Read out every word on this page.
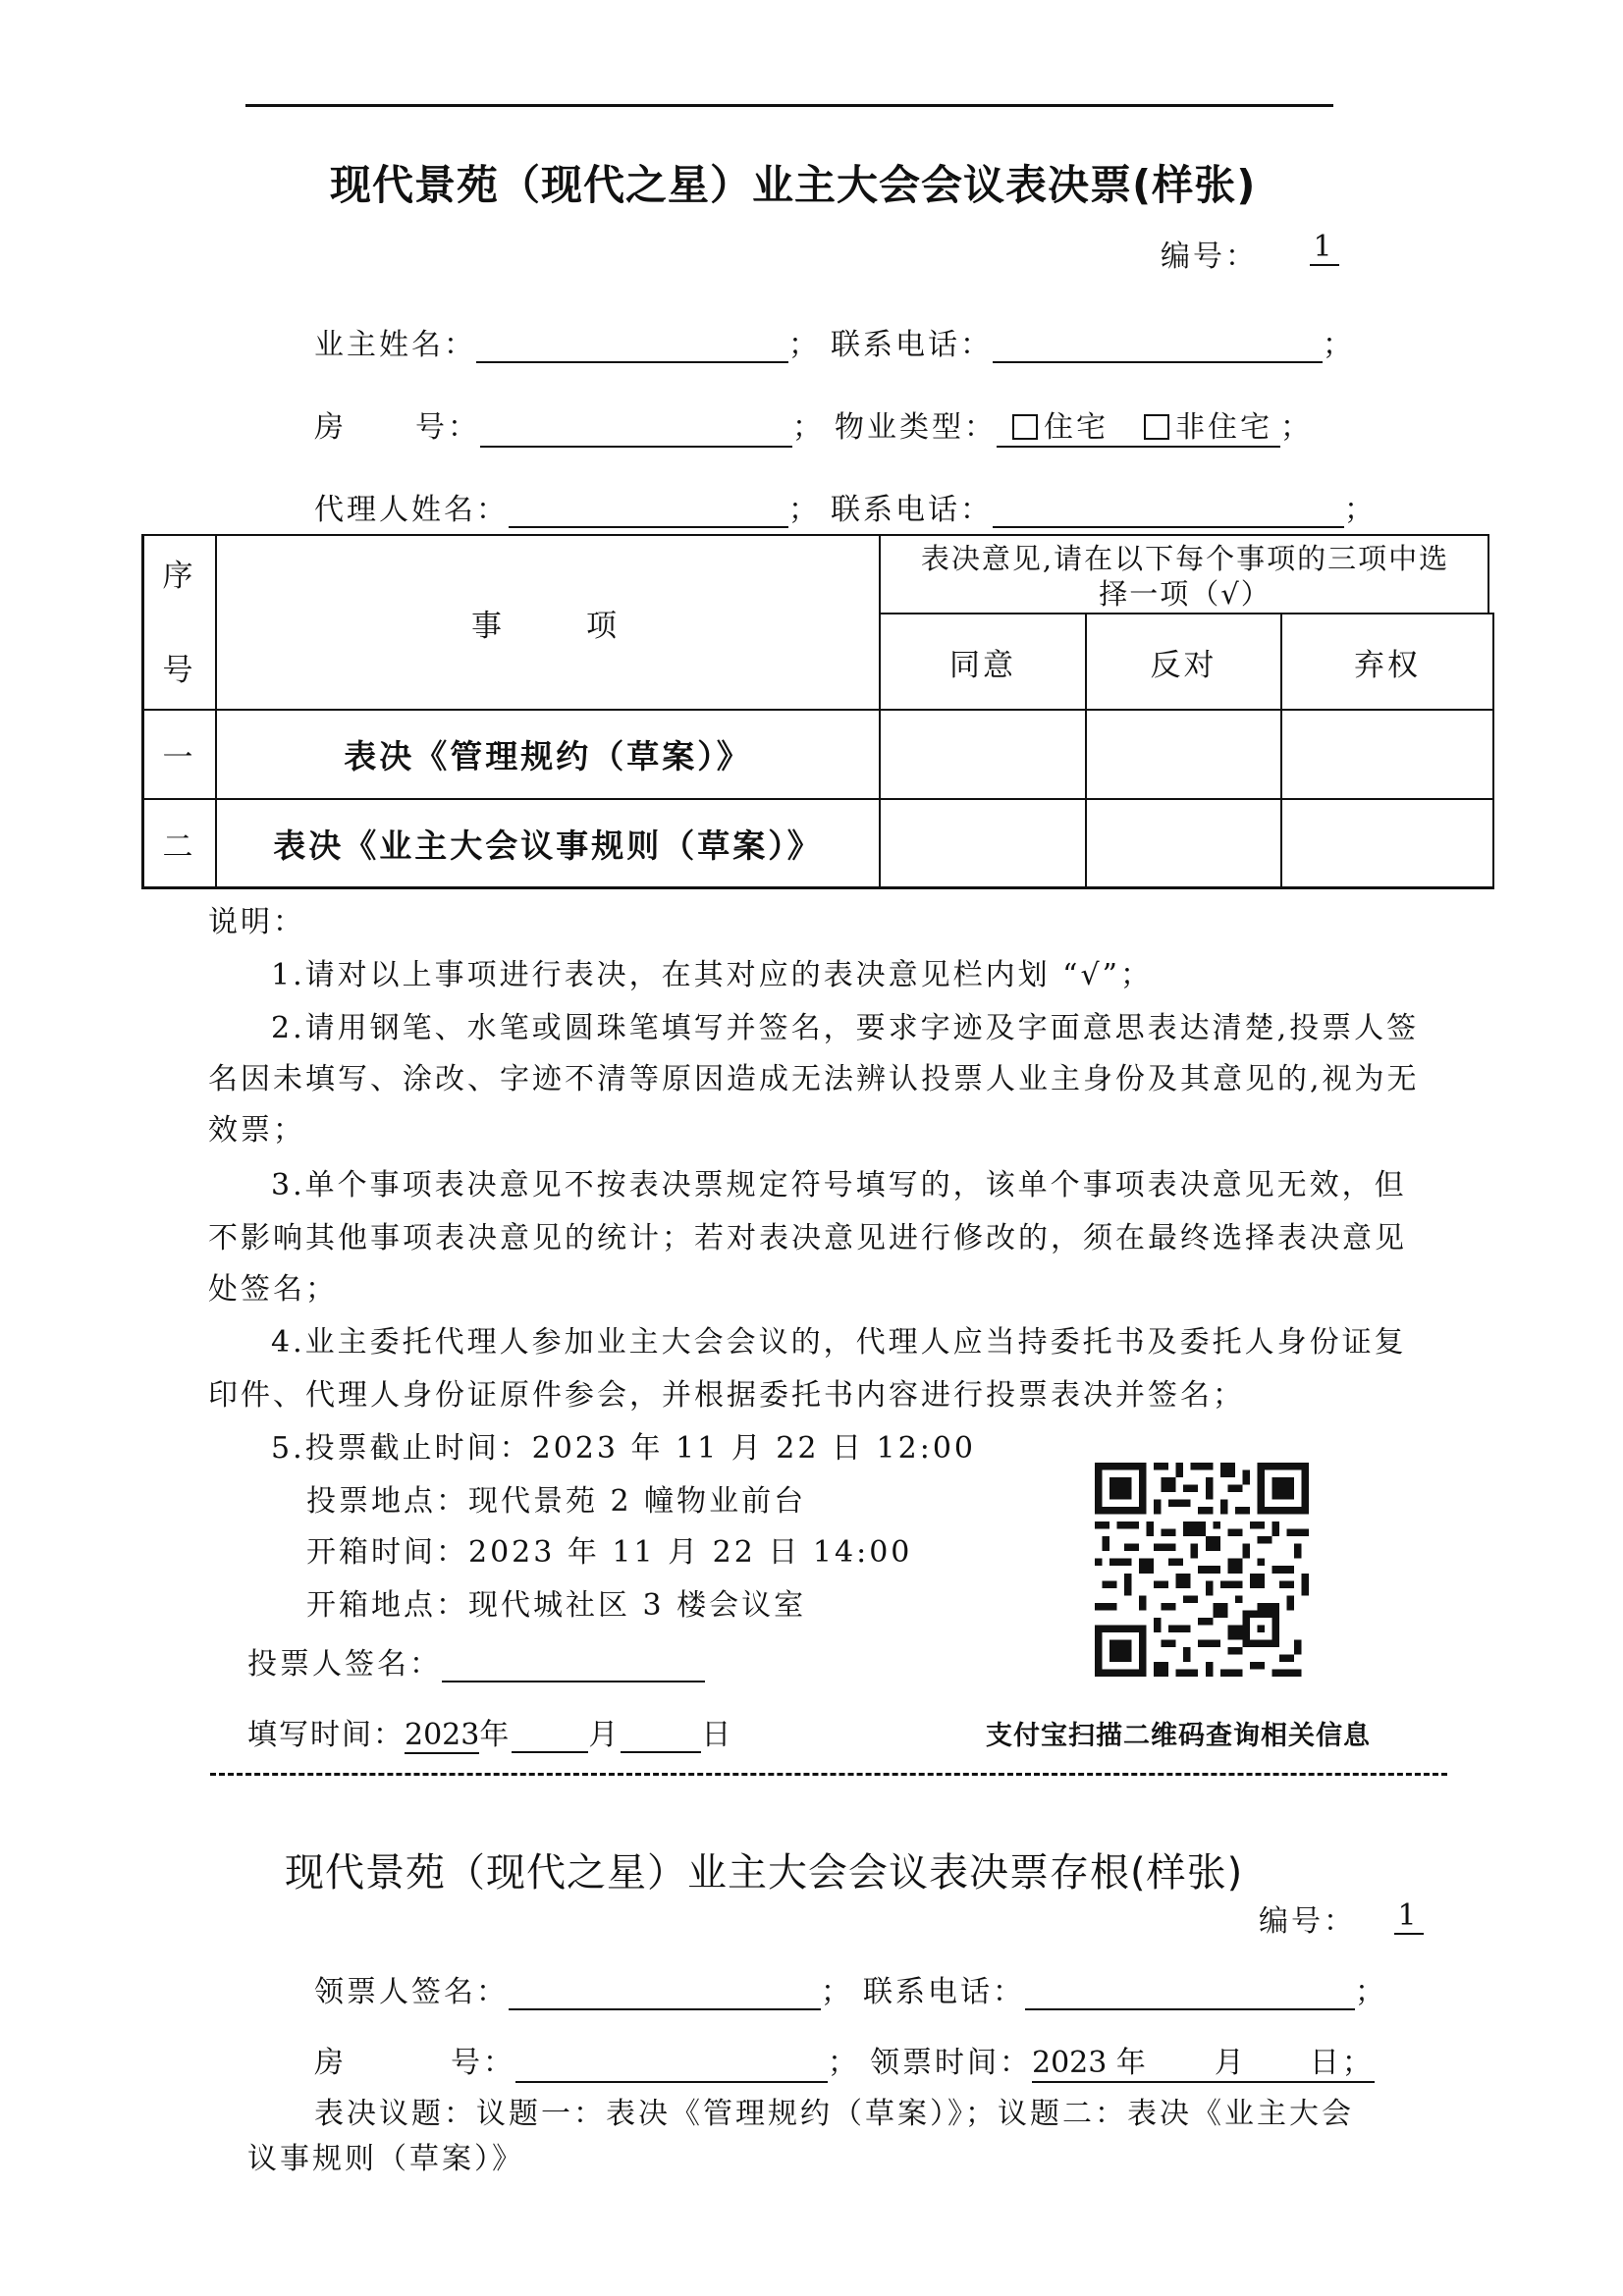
现代景苑（现代之星）业主大会会议表决票(样张)
编号： 1
业主姓名：	； 联系电话：	；
房 号：	； 物业类型： 住宅 非住宅 ；
代理人姓名：	； 联系电话：	；
序
号
事　　项
表决意见,请在以下每个事项的三项中选
择一项（√）
同意	反对	弃权
一	表决《管理规约（草案）》
二	表决《业主大会议事规则（草案）》
说明：
1.请对以上事项进行表决，在其对应的表决意见栏内划 “√”；
2.请用钢笔、水笔或圆珠笔填写并签名，要求字迹及字面意思表达清楚,投票人签
名因未填写、涂改、字迹不清等原因造成无法辨认投票人业主身份及其意见的,视为无
效票；
3.单个事项表决意见不按表决票规定符号填写的，该单个事项表决意见无效，但
不影响其他事项表决意见的统计；若对表决意见进行修改的，须在最终选择表决意见
处签名；
4.业主委托代理人参加业主大会会议的，代理人应当持委托书及委托人身份证复
印件、代理人身份证原件参会，并根据委托书内容进行投票表决并签名；
5.投票截止时间：2023 年 11 月 22 日 12:00
投票地点：现代景苑 2 幢物业前台
开箱时间：2023 年 11 月 22 日 14:00
开箱地点：现代城社区 3 楼会议室
投票人签名：
填写时间：2023年	月	日	支付宝扫描二维码查询相关信息
现代景苑（现代之星）业主大会会议表决票存根(样张)
编号： 1
领票人签名：	； 联系电话：	；
房	号：	； 领票时间：2023 年 月 日；
表决议题：议题一：表决《管理规约（草案）》；议题二：表决《业主大会
议事规则（草案）》
